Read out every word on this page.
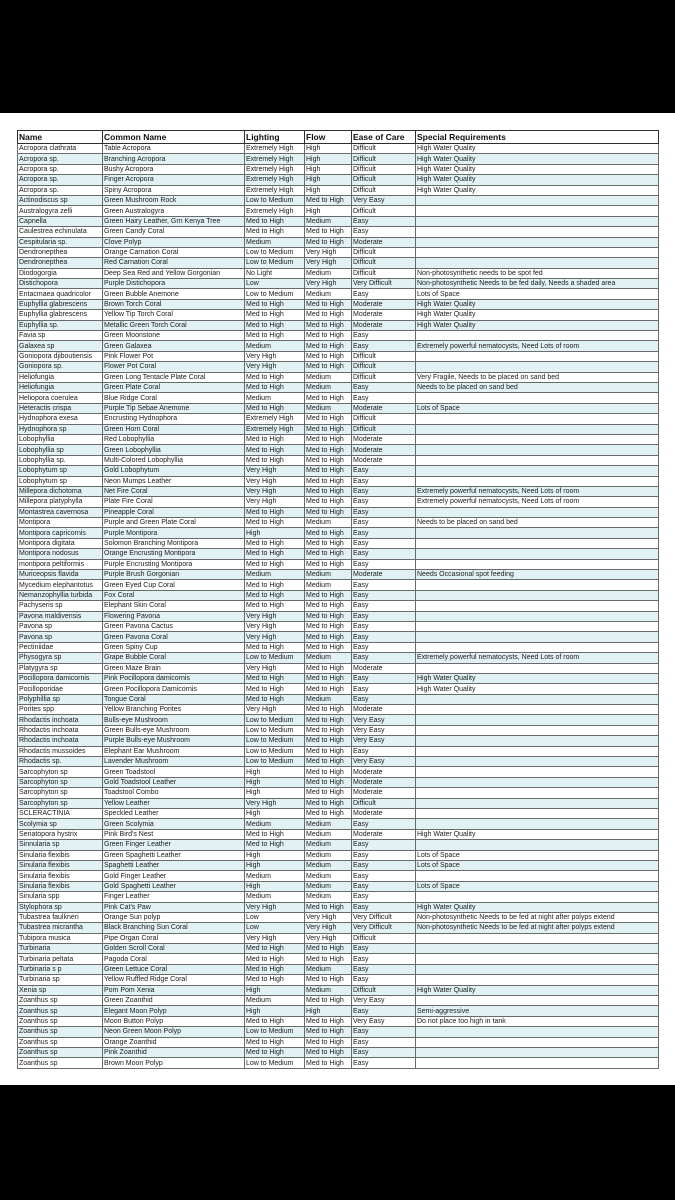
Name	Common Name	Lighting	Flow	Ease of Care	Special Requirements
Acropora clathrata	Table Acropora	Extremely High	High	Difficult	High Water Quality
Acropora sp.	Branching Acropora	Extremely High	High	Difficult	High Water Quality
Acropora sp.	Bushy Acropora	Extremely High	High	Difficult	High Water Quality
Acropora sp.	Finger Acropora	Extremely High	High	Difficult	High Water Quality
Acropora sp.	Spiny Acropora	Extremely High	High	Difficult	High Water Quality
Actinodiscus sp	Green Mushroom Rock	Low to Medium	Med to High	Very Easy	
Australogyra zelli	Green Australogyra	Extremely High	High	Difficult	
Capnella	Green Hairy Leather, Grn Kenya Tree	Med to High	Medium	Easy	
Caulestrea echinulata	Green Candy Coral	Med to High	Med to High	Easy	
Cespitularia sp.	Clove Polyp	Medium	Med to High	Moderate	
Dendronepthea	Orange Carnation Coral	Low to Medium	Very High	Difficult	
Dendronepthea	Red Carnation Coral	Low to Medium	Very High	Difficult	
Diodogorgia	Deep Sea Red and Yellow Gorgonian	No Light	Medium	Difficult	Non-photosynthetic needs to be spot fed
Distichopora	Purple Distichopora	Low	Very High	Very Difficult	Non-photosynthetic Needs to be fed daily, Needs a shaded area
Entacmaea quadricolor	Green Bubble Anemone	Low to Medium	Medium	Easy	Lots of Space
Euphyllia glabrescens	Brown Torch Coral	Med to High	Med to High	Moderate	High Water Quality
Euphyllia glabrescens	Yellow Tip Torch Coral	Med to High	Med to High	Moderate	High Water Quality
Euphyllia sp.	Metallic Green Torch Coral	Med to High	Med to High	Moderate	High Water Quality
Favia sp	Green Moonstone	Med to High	Med to High	Easy	
Galaxea sp	Green Galaxea	Medium	Med to High	Easy	Extremely powerful nematocysts, Need Lots of room
Goniopora djiboutiensis	Pink Flower Pot	Very High	Med to High	Difficult	
Goniopora sp.	Flower Pot Coral	Very High	Med to High	Difficult	
Heliofungia	Green Long Tentacle Plate Coral	Med to High	Medium	Difficult	Very Fragile, Needs to be placed on sand bed
Heliofungia	Green Plate Coral	Med to High	Medium	Easy	Needs to be placed on sand bed
Heliopora coerulea	Blue Ridge Coral	Medium	Med to High	Easy	
Heteractis crispa	Purple Tip Sebae Anemone	Med to High	Medium	Moderate	Lots of Space
Hydnophora exesa	Encrusting Hydnophora	Extremely High	Med to High	Difficult	
Hydnophora sp	Green Horn Coral	Extremely High	Med to High	Difficult	
Lobophyllia	Red Lobophyllia	Med to High	Med to High	Moderate	
Lobophyllia sp	Green Lobophyllia	Med to High	Med to High	Moderate	
Lobophyllia sp.	Multi-Colored Lobophyllia	Med to High	Med to High	Moderate	
Lobophytum sp	Gold Lobophytum	Very High	Med to High	Easy	
Lobophytum sp	Neon Mumps Leather	Very High	Med to High	Easy	
Millepora dichotoma	Net Fire Coral	Very High	Med to High	Easy	Extremely powerful nematocysts, Need Lots of room
Millepora platyphylla	Plate Fire Coral	Very High	Med to High	Easy	Extremely powerful nematocysts, Need Lots of room
Montastrea cavernosa	Pineapple Coral	Med to High	Med to High	Easy	
Montipora	Purple and Green Plate Coral	Med to High	Medium	Easy	Needs to be placed on sand bed
Montipora capricornis	Purple Montipora	High	Med to High	Easy	
Montipora digitata	Solomon Branching Montipora	Med to High	Med to High	Easy	
Montipora nodosus	Orange Encrusting Montipora	Med to High	Med to High	Easy	
montipora peltiformis	Purple Encrusting Montipora	Med to High	Med to High	Easy	
Muriceopsis flavida	Purple Brush Gorgonian	Medium	Medium	Moderate	Needs Occasional spot feeding
Mycedium elephantotus	Green Eyed Cup Coral	Med to High	Medium	Easy	
Nemanzophyllia turbida	Fox Coral	Med to High	Med to High	Easy	
Pachyseris sp	Elephant Skin Coral	Med to High	Med to High	Easy	
Pavona maldivensis	Flowering Pavona	Very High	Med to High	Easy	
Pavona sp	Green Pavona Cactus	Very High	Med to High	Easy	
Pavona sp	Green Pavona Coral	Very High	Med to High	Easy	
Pectiniidae	Green Spiny Cup	Med to High	Med to High	Easy	
Physogyra sp	Grape Bubble Coral	Low to Medium	Medium	Easy	Extremely powerful nematocysts, Need Lots of room
Platygyra sp	Green Maze Brain	Very High	Med to High	Moderate	
Pocillopora damicornis	Pink Pocillopora damicornis	Med to High	Med to High	Easy	High Water Quality
Pocilloporidae	Green Pocillopora Damicornis	Med to High	Med to High	Easy	High Water Quality
Polyphillia sp	Tongue Coral	Med to High	Medium	Easy	
Porites spp	Yellow Branching Porites	Very High	Med to High	Moderate	
Rhodactis inchoata	Bulls-eye Mushroom	Low to Medium	Med to High	Very Easy	
Rhodactis inchoata	Green Bulls-eye Mushroom	Low to Medium	Med to High	Very Easy	
Rhodactis inchoata	Purple Bulls-eye Mushroom	Low to Medium	Med to High	Very Easy	
Rhodactis mussoides	Elephant Ear Mushroom	Low to Medium	Med to High	Easy	
Rhodactis sp.	Lavender Mushroom	Low to Medium	Med to High	Very Easy	
Sarcophyton sp	Green Toadstool	High	Med to High	Moderate	
Sarcophyton sp	Gold Toadstool Leather	High	Med to High	Moderate	
Sarcophyton sp	Toadstool Combo	High	Med to High	Moderate	
Sarcophyton sp	Yellow Leather	Very High	Med to High	Difficult	
SCLERACTINIA	Speckled Leather	High	Med to High	Moderate	
Scolymia sp	Green Scolymia	Medium	Medium	Easy	
Seriatopora hystrix	Pink Bird's Nest	Med to High	Medium	Moderate	High Water Quality
Sinnularia sp	Green Finger Leather	Med to High	Medium	Easy	
Sinularia flexibis	Green Spaghetti Leather	High	Medium	Easy	Lots of Space
Sinularia flexibis	Spaghetti Leather	High	Medium	Easy	Lots of Space
Sinularia flexibis	Gold Finger Leather	Medium	Medium	Easy	
Sinularia flexibis	Gold Spaghetti Leather	High	Medium	Easy	Lots of Space
Sinularia spp	Finger Leather	Medium	Medium	Easy	
Stylophora sp	Pink Cat's Paw	Very High	Med to High	Easy	High Water Quality
Tubastrea faulkneri	Orange Sun polyp	Low	Very High	Very Difficult	Non-photosynthetic Needs to be fed at night after polyps extend
Tubastrea micrantha	Black Branching Sun Coral	Low	Very High	Very Difficult	Non-photosynthetic Needs to be fed at night after polyps extend
Tubipora musica	Pipe Organ Coral	Very High	Very High	Difficult	
Turbinaria	Golden Scroll Coral	Med to High	Med to High	Easy	
Turbinaria peltata	Pagoda Coral	Med to High	Med to High	Easy	
Turbinaria s p	Green Lettuce Coral	Med to High	Medium	Easy	
Turbinaria sp	Yellow Ruffled Ridge Coral	Med to High	Med to High	Easy	
Xenia sp	Pom Pom Xenia	High	Medium	Difficult	High Water Quality
Zoanthus sp	Green Zoanthid	Medium	Med to High	Very Easy	
Zoanthus sp	Elegant Moon Polyp	High	High	Easy	Semi-aggressive
Zoanthus sp	Moon Button Polyp	Med to High	Med to High	Very Easy	Do not place too high in tank
Zoanthus sp	Neon Green Moon Polyp	Low to Medium	Med to High	Easy	
Zoanthus sp	Orange Zoanthid	Med to High	Med to High	Easy	
Zoanthus sp	Pink Zoanthid	Med to High	Med to High	Easy	
Zoanthus sp	Brown Moon Polyp	Low to Medium	Med to High	Easy	
